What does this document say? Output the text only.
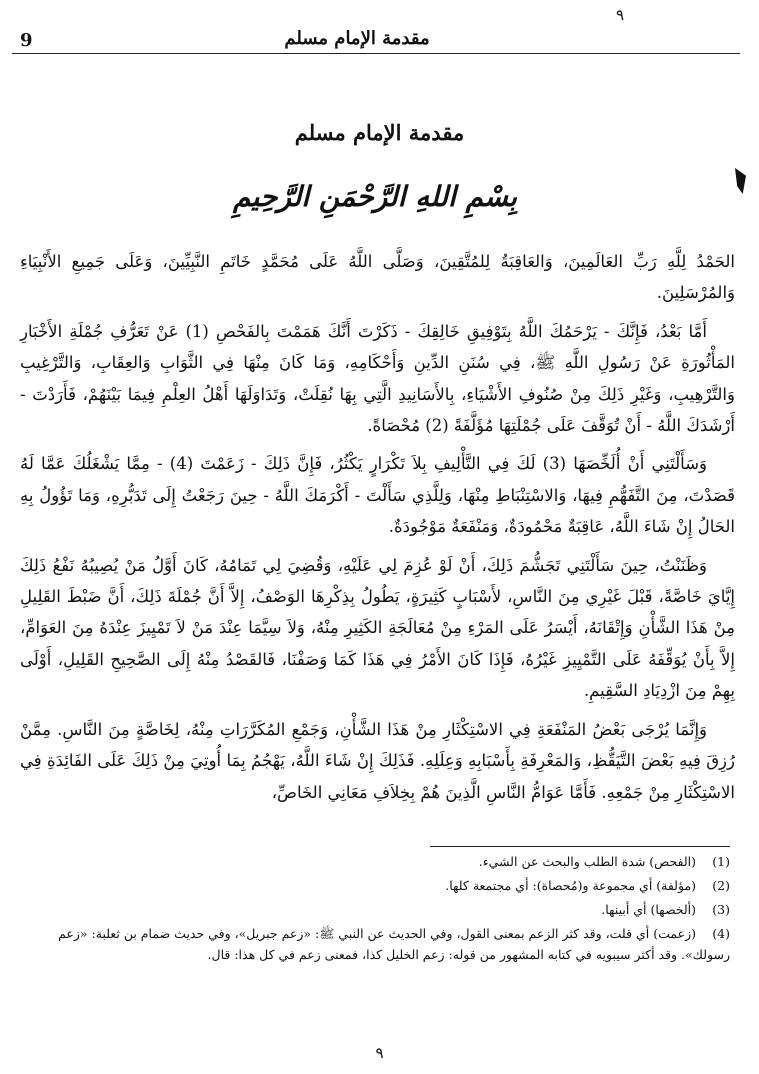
٩
9	مقدمة الإمام مسلم
مقدمة الإمام مسلم
بِسْمِ اللهِ الرَّحْمَنِ الرَّحِيمِ

الحَمْدُ لِلَّهِ رَبِّ العَالَمِينَ، وَالعَاقِبَةُ لِلمُتَّقِينَ، وَصَلَّى اللَّهُ عَلَى مُحَمَّدٍ خَاتَمِ النَّبِيِّينَ، وَعَلَى جَمِيعِ الأَنْبِيَاءِ وَالمُرْسَلِينَ.

أَمَّا بَعْدُ، فَإِنَّكَ - يَرْحَمُكَ اللَّهُ بِتَوْفِيقِ خَالِقِكَ - ذَكَرْتَ أَنَّكَ هَمَمْتَ بِالفَحْصِ (1) عَنْ تَعَرُّفِ جُمْلَةِ الأَخْبَارِ المَأْثُورَةِ عَنْ رَسُولِ اللَّهِ ﷺ، فِي سُنَنِ الدِّينِ وَأَحْكَامِهِ، وَمَا كَانَ مِنْهَا فِي الثَّوَابِ وَالعِقَابِ، وَالتَّرْغِيبِ وَالتَّرْهِيبِ، وَغَيْرِ ذَلِكَ مِنْ صُنُوفِ الأَشْيَاءِ، بِالأَسَانِيدِ الَّتِي بِهَا نُقِلَتْ، وَتَدَاوَلَهَا أَهْلُ العِلْمِ فِيمَا بَيْنَهُمْ، فَأَرَدْتَ - أَرْشَدَكَ اللَّهُ - أَنْ تُوَقَّفَ عَلَى جُمْلَتِهَا مُؤَلَّفَةً (2) مُحْصَاةً.

وَسَأَلْتَنِي أَنْ أُلَخِّصَهَا (3) لَكَ فِي التَّأْلِيفِ بِلاَ تَكْرَارٍ يَكْثُرُ، فَإِنَّ ذَلِكَ - زَعَمْتَ (4) - مِمَّا يَشْغَلُكَ عَمَّا لَهُ قَصَدْتَ، مِنَ التَّفَهُّمِ فِيهَا، وَالاسْتِنْبَاطِ مِنْهَا، وَلِلَّذِي سَأَلْتَ - أَكْرَمَكَ اللَّهُ - حِينَ رَجَعْتُ إِلَى تَدَبُّرِهِ، وَمَا تَؤُولُ بِهِ الحَالُ إِنْ شَاءَ اللَّهُ، عَاقِبَةٌ مَحْمُودَةٌ، وَمَنْفَعَةٌ مَوْجُودَةٌ.

وَظَنَنْتُ، حِينَ سَأَلْتَنِي تَجَشُّمَ ذَلِكَ، أَنْ لَوْ عُزِمَ لِي عَلَيْهِ، وَقُضِيَ لِي تَمَامُهُ، كَانَ أَوَّلُ مَنْ يُصِيبُهُ نَفْعُ ذَلِكَ إِيَّايَ خَاصَّةً، قَبْلَ غَيْرِي مِنَ النَّاسِ، لأَسْبَابٍ كَثِيرَةٍ، يَطُولُ بِذِكْرِهَا الوَصْفُ، إِلاَّ أَنَّ جُمْلَةَ ذَلِكَ، أَنَّ ضَبْطَ القَلِيلِ مِنْ هَذَا الشَّأْنِ وَإِتْقَانَهُ، أَيْسَرُ عَلَى المَرْءِ مِنْ مُعَالَجَةِ الكَثِيرِ مِنْهُ، وَلاَ سِيَّمَا عِنْدَ مَنْ لاَ تَمْيِيزَ عِنْدَهُ مِنَ العَوَامِّ، إِلاَّ بِأَنْ يُوَقِّفَهُ عَلَى التَّمْيِيزِ غَيْرُهُ، فَإِذَا كَانَ الأَمْرُ فِي هَذَا كَمَا وَصَفْنَا، فَالقَصْدُ مِنْهُ إِلَى الصَّحِيحِ القَلِيلِ، أَوْلَى بِهِمْ مِنَ ازْدِيَادِ السَّقِيمِ.

وَإِنَّمَا يُرْجَى بَعْضُ المَنْفَعَةِ فِي الاسْتِكْثَارِ مِنْ هَذَا الشَّأْنِ، وَجَمْعِ المُكَرَّرَاتِ مِنْهُ، لِخَاصَّةٍ مِنَ النَّاسِ. مِمَّنْ رُزِقَ فِيهِ بَعْضَ التَّيَقُّظِ، وَالمَعْرِفَةِ بِأَسْبَابِهِ وَعِلَلِهِ. فَذَلِكَ إِنْ شَاءَ اللَّهُ، يَهْجُمُ بِمَا أُوتِيَ مِنْ ذَلِكَ عَلَى الفَائِدَةِ فِي الاسْتِكْثَارِ مِنْ جَمْعِهِ. فَأَمَّا عَوَامُّ النَّاسِ الَّذِينَ هُمْ بِخِلاَفِ مَعَانِي الخَاصِّ،

(1) (الفحص) شدة الطلب والبحث عن الشيء.
(2) (مؤلفة) أي مجموعة و(مُحصاة): أي مجتمعة كلها.
(3) (ألخصها) أي أبينها.
(4) (زعمت) أي قلت، وقد كثر الزعم بمعنى القول، وفي الحديث عن النبي ﷺ: «زعم جبريل»، وفي حديث ضمام بن ثعلبة: «زعم رسولك». وقد أكثر سيبويه في كتابه المشهور من قوله: زعم الخليل كذا، فمعنى زعم في كل هذا: قال.
٩
